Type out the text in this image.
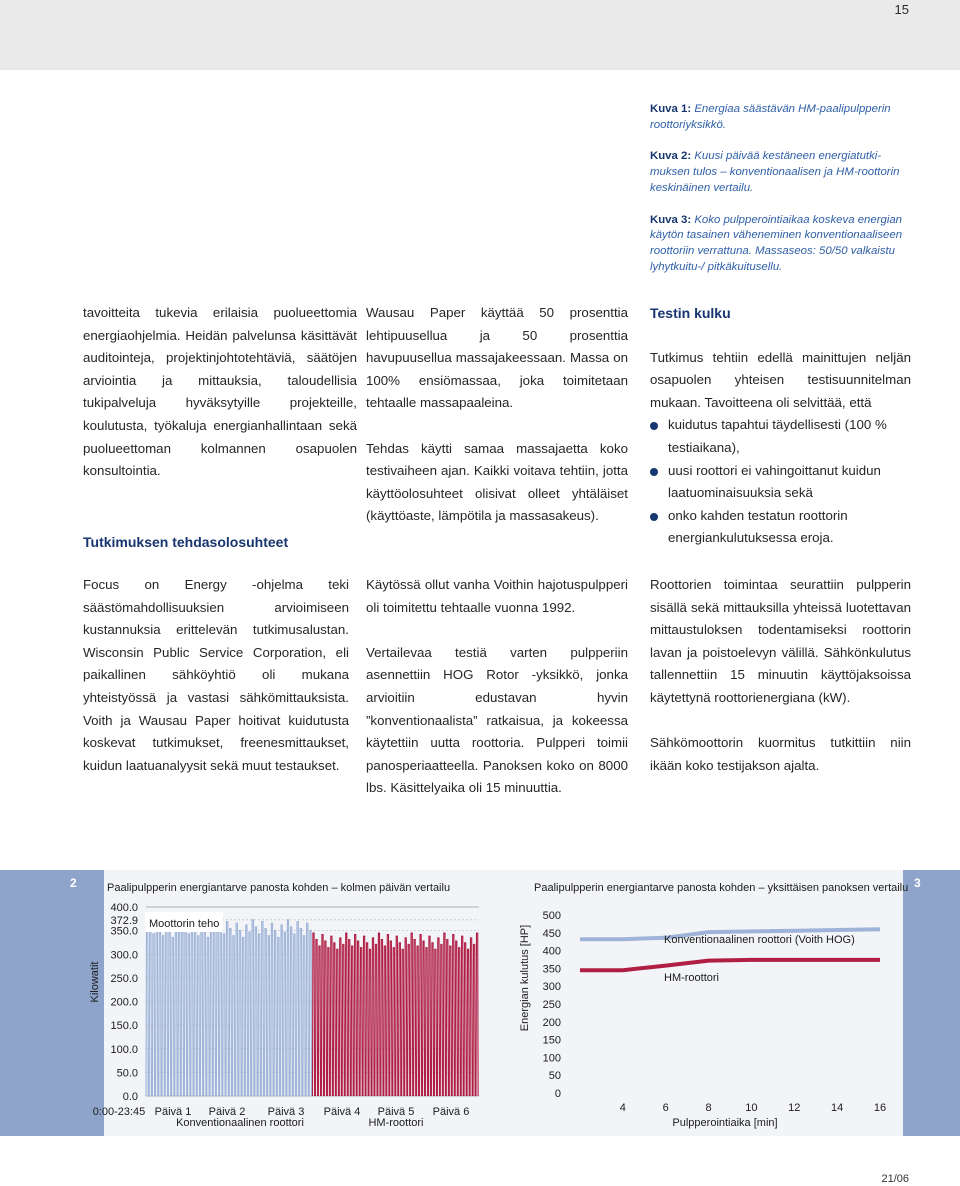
15

Kuva 1: Energiaa säästävän HM-paalipulpperin roottoriyksikkö.

Kuva 2: Kuusi päivää kestäneen energiatutki-muksen tulos – konventionaalisen ja HM-roottorin keskinäinen vertailu.

Kuva 3: Koko pulpperointiaikaa koskeva energian käytön tasainen väheneminen konventionaaliseen roottoriin verrattuna. Massaseos: 50/50 valkaistu lyhytkuitu-/ pitkäkuitusellu.

tavoitteita tukevia erilaisia puolueettomia energiaohjelmia. Heidän palvelunsa käsittävät auditointeja, projektinjohtotehtäviä, säätöjen arviointia ja mittauksia, taloudellisia tukipalveluja hyväksytyille projekteille, koulutusta, työkaluja energianhallintaan sekä puolueettoman kolmannen osapuolen konsultointia.

Tutkimuksen tehdasolosuhteet

Wausau Paper käyttää 50 prosenttia lehtipuusellua ja 50 prosenttia havupuusellua massajakeessaan. Massa on 100% ensiömassaa, joka toimitetaan tehtaalle massapaaleina.

Tehdas käytti samaa massajaetta koko testivaiheen ajan. Kaikki voitava tehtiin, jotta käyttöolosuhteet olisivat olleet yhtäläiset (käyttöaste, lämpötila ja massasakeus).

Testin kulku

Tutkimus tehtiin edellä mainittujen neljän osapuolen yhteisen testisuunnitelman mukaan. Tavoitteena oli selvittää, että

kuidutus tapahtui täydellisesti (100 % testiaikana),
uusi roottori ei vahingoittanut kuidun laatuominaisuuksia sekä
onko kahden testatun roottorin energiankulutuksessa eroja.

Focus on Energy -ohjelma teki säästömahdollisuuksien arvioimiseen kustannuksia erittelevän tutkimusalustan. Wisconsin Public Service Corporation, eli paikallinen sähköyhtiö oli mukana yhteistyössä ja vastasi sähkömittauksista. Voith ja Wausau Paper hoitivat kuidutusta koskevat tutkimukset, freenesmittaukset, kuidun laatuanalyysit sekä muut testaukset.

Käytössä ollut vanha Voithin hajotuspulpperi oli toimitettu tehtaalle vuonna 1992.

Vertailevaa testiä varten pulpperiin asennettiin HOG Rotor -yksikkö, jonka arvioitiin edustavan hyvin ”konventionaalista” ratkaisua, ja kokeessa käytettiin uutta roottoria. Pulpperi toimii panosperiaatteella. Panoksen koko on 8000 lbs. Käsittelyaika oli 15 minuuttia.

Roottorien toimintaa seurattiin pulpperin sisällä sekä mittauksilla yhteissä luotettavan mittaustuloksen todentamiseksi roottorin lavan ja poistoelevyn välillä. Sähkönkulutus tallennettiin 15 minuutin käyttöjaksoissa käytettynä roottorienergiana (kW).

Sähkömoottorin kuormitus tutkittiin niin ikään koko testijakson ajalta.

2	3
Paalipulpperin energiantarve panosta kohden – kolmen päivän vertailu
Kilowatit
400.0
372.9
350.0
300.0
250.0
200.0
150.0
100.0
50.0
0.0
Moottorin teho
0:00-23:45 Päivä 1 Päivä 2 Päivä 3 Päivä 4 Päivä 5 Päivä 6
Konventionaalinen roottori	HM-roottori
Paalipulpperin energiantarve panosta kohden – yksittäisen panoksen vertailu
Energian kulutus [HP]
0
50
100
150
200
250
300
350
400
450
500
4	6	8	10	12	14	16
Konventionaalinen roottori (Voith HOG)
HM-roottori
Pulpperointiaika [min]
21/06
